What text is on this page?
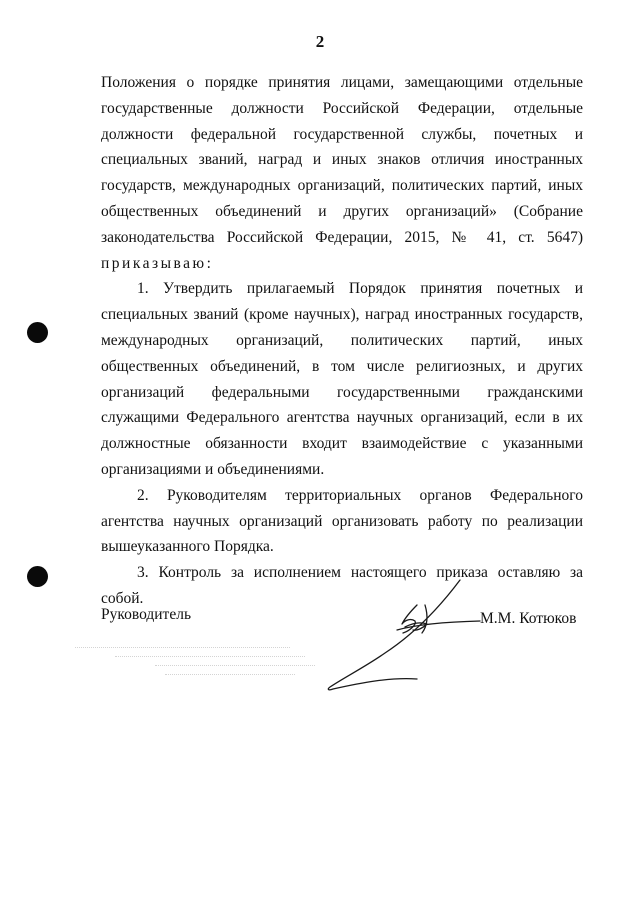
2

Положения о порядке принятия лицами, замещающими отдельные государственные должности Российской Федерации, отдельные должности федеральной государственной службы, почетных и специальных званий, наград и иных знаков отличия иностранных государств, международных организаций, политических партий, иных общественных объединений и других организаций» (Собрание законодательства Российской Федерации, 2015, № 41, ст. 5647) приказываю:

1. Утвердить прилагаемый Порядок принятия почетных и специальных званий (кроме научных), наград иностранных государств, международных организаций, политических партий, иных общественных объединений, в том числе религиозных, и других организаций федеральными государственными гражданскими служащими Федерального агентства научных организаций, если в их должностные обязанности входит взаимодействие с указанными организациями и объединениями.

2. Руководителям территориальных органов Федерального агентства научных организаций организовать работу по реализации вышеуказанного Порядка.

3. Контроль за исполнением настоящего приказа оставляю за собой.

Руководитель	М.М. Котюков
